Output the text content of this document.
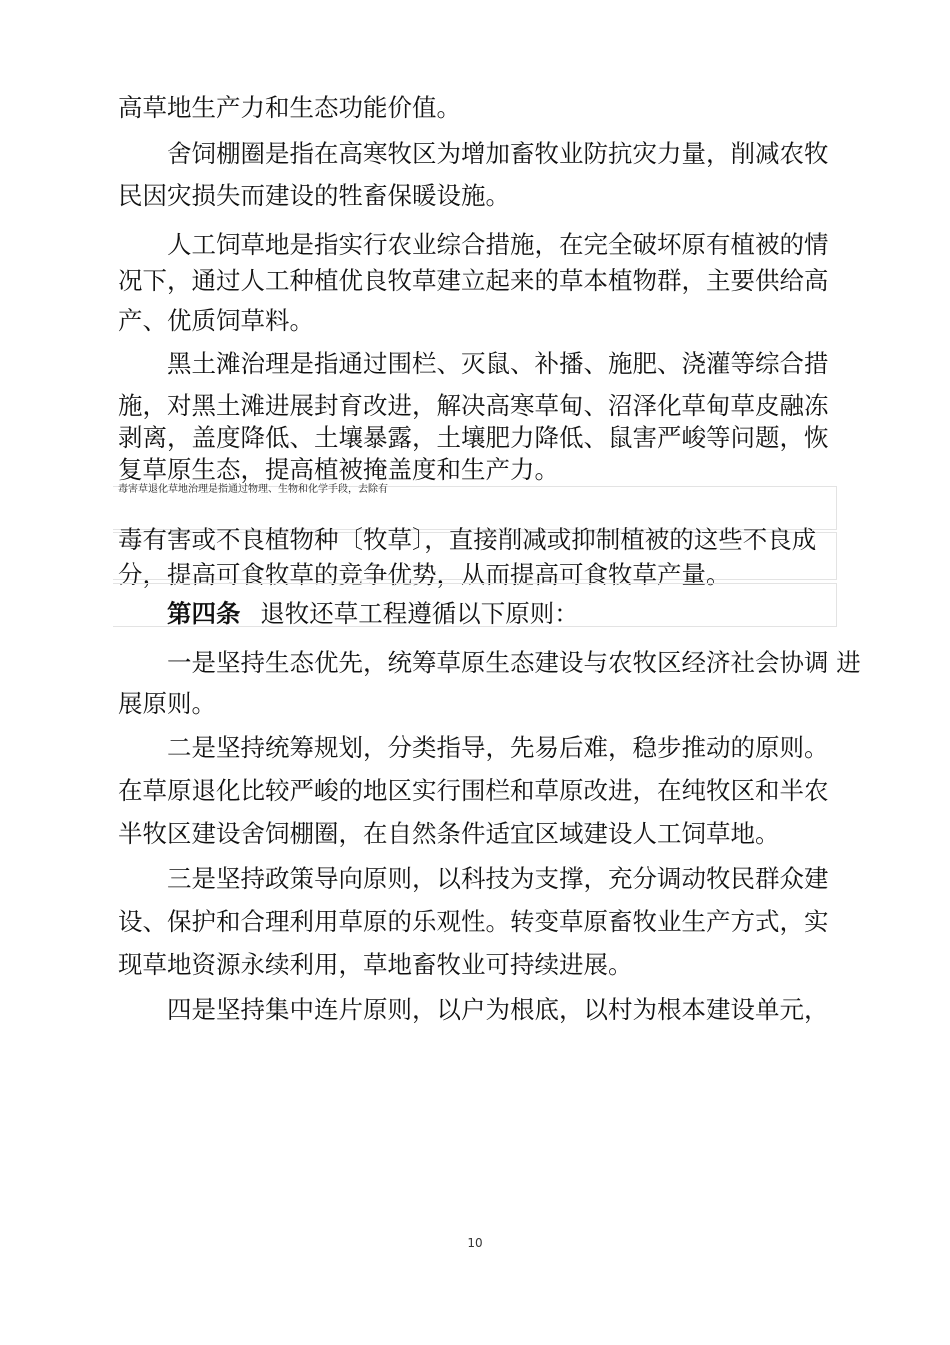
高草地生产力和生态功能价值。

舍饲棚圈是指在高寒牧区为增加畜牧业防抗灾力量，削减农牧

民因灾损失而建设的牲畜保暖设施。

人工饲草地是指实行农业综合措施，在完全破坏原有植被的情

况下，通过人工种植优良牧草建立起来的草本植物群，主要供给高

产、优质饲草料。

黑土滩治理是指通过围栏、灭鼠、补播、施肥、浇灌等综合措

施，对黑土滩进展封育改进，解决高寒草甸、沼泽化草甸草皮融冻

剥离，盖度降低、土壤暴露，土壤肥力降低、鼠害严峻等问题，恢

复草原生态，提高植被掩盖度和生产力。

毒害草退化草地治理是指通过物理、生物和化学手段，去除有

毒有害或不良植物种〔牧草〕，直接削减或抑制植被的这些不良成

分，提高可食牧草的竞争优势，从而提高可食牧草产量。

第四条 退牧还草工程遵循以下原则：

一是坚持生态优先，统筹草原生态建设与农牧区经济社会协调 进

展原则。

二是坚持统筹规划，分类指导，先易后难，稳步推动的原则。

在草原退化比较严峻的地区实行围栏和草原改进，在纯牧区和半农

半牧区建设舍饲棚圈，在自然条件适宜区域建设人工饲草地。

三是坚持政策导向原则，以科技为支撑，充分调动牧民群众建

设、保护和合理利用草原的乐观性。转变草原畜牧业生产方式，实

现草地资源永续利用，草地畜牧业可持续进展。

四是坚持集中连片原则，以户为根底，以村为根本建设单元，

10
